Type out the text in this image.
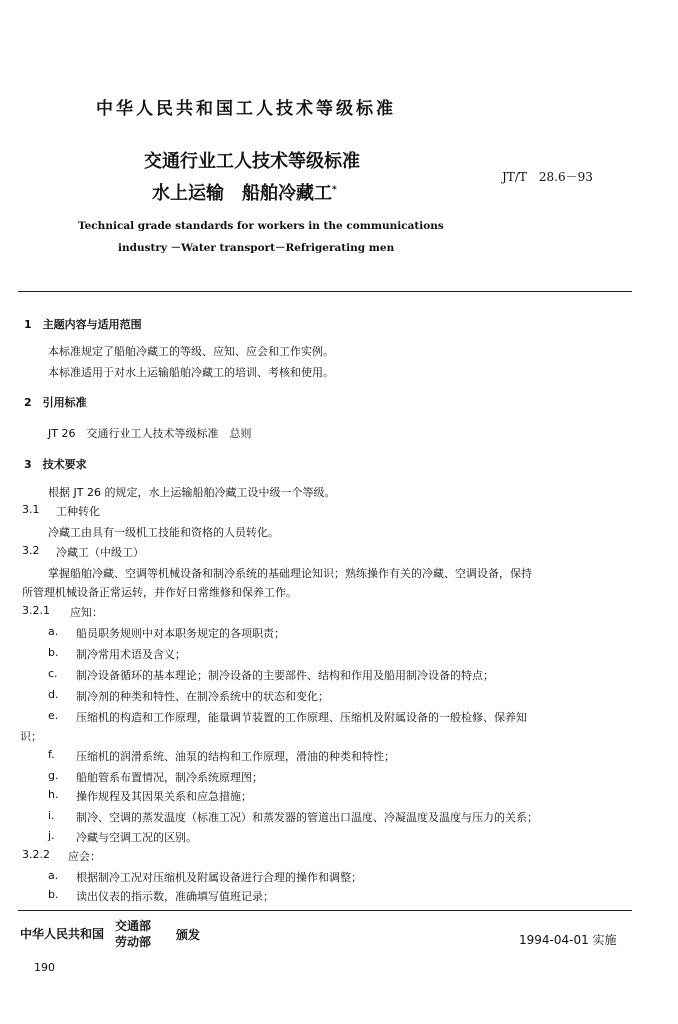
中华人民共和国工人技术等级标准
交通行业工人技术等级标准
水上运输　船舶冷藏工*
JT/T　28.6－93
Technical grade standards for workers in the communications
industry －Water transport－Refrigerating men
1　主题内容与适用范围
本标准规定了船舶冷藏工的等级、应知、应会和工作实例。
本标准适用于对水上运输船舶冷藏工的培训、考核和使用。
2　引用标准
JT 26　交通行业工人技术等级标准　总则
3　技术要求
根据 JT 26 的规定，水上运输船舶冷藏工设中级一个等级。
3.1 工种转化
冷藏工由具有一级机工技能和资格的人员转化。
3.2 冷藏工（中级工）
掌握船舶冷藏、空调等机械设备和制冷系统的基础理论知识；熟练操作有关的冷藏、空调设备，保持
所管理机械设备正常运转，并作好日常维修和保养工作。
3.2.1 应知：
a. 船员职务规则中对本职务规定的各项职责；
b. 制冷常用术语及含义；
c. 制冷设备循环的基本理论；制冷设备的主要部件、结构和作用及船用制冷设备的特点；
d. 制冷剂的种类和特性、在制冷系统中的状态和变化；
e. 压缩机的构造和工作原理，能量调节装置的工作原理、压缩机及附属设备的一般检修、保养知
识；
f. 压缩机的润滑系统、油泵的结构和工作原理，滑油的种类和特性；
g. 船舶管系布置情况，制冷系统原理图；
h. 操作规程及其因果关系和应急措施；
i. 制冷、空调的蒸发温度（标准工况）和蒸发器的管道出口温度、冷凝温度及温度与压力的关系；
j. 冷藏与空调工况的区别。
3.2.2 应会：
a. 根据制冷工况对压缩机及附属设备进行合理的操作和调整；
b. 读出仪表的指示数，准确填写值班记录；
中华人民共和国
交通部
劳动部 颁发	1994-04-01 实施
190
